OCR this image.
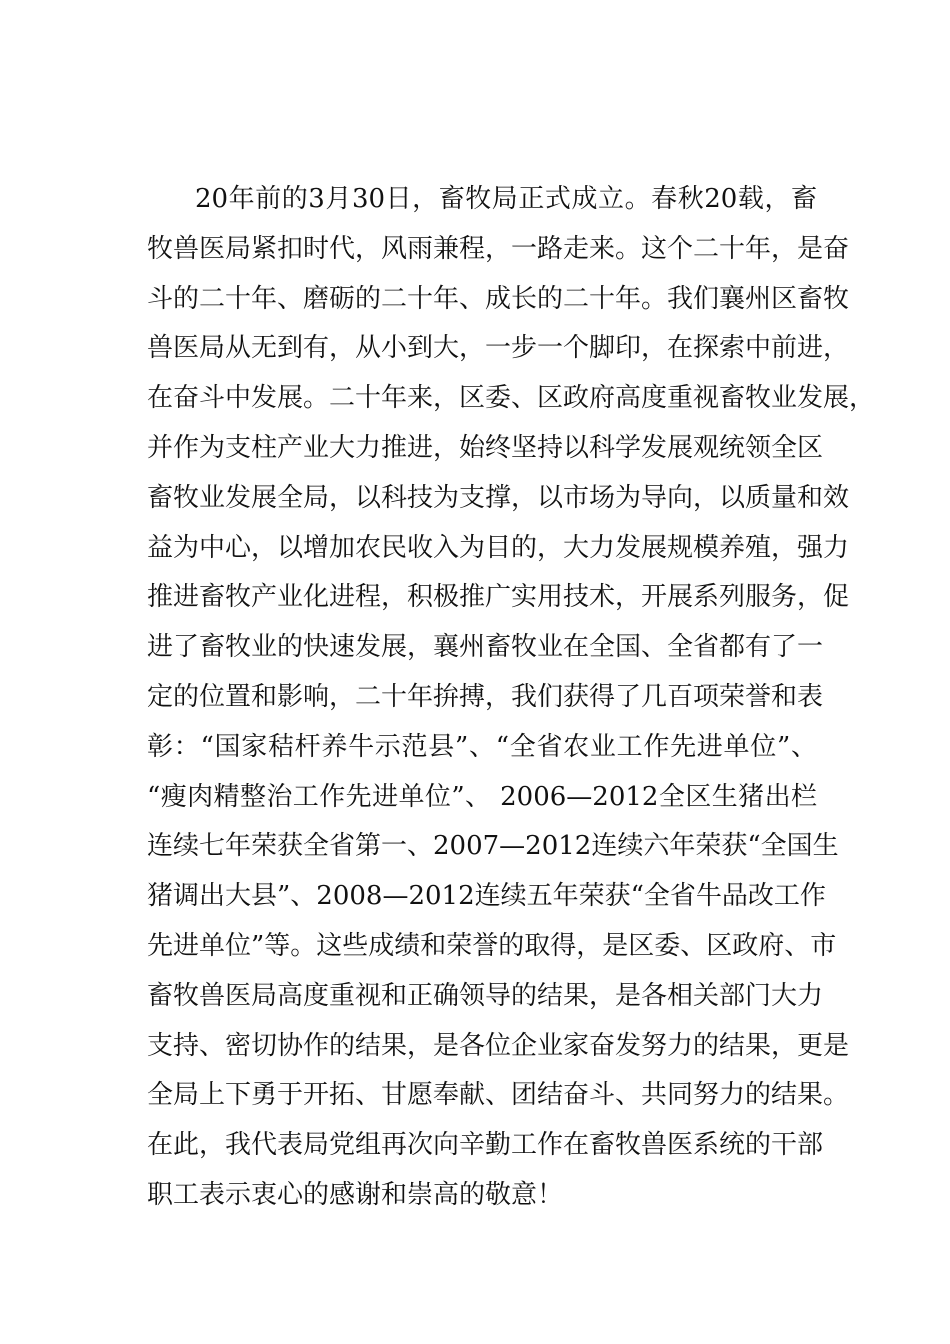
20年前的3月30日，畜牧局正式成立。春秋20载，畜
牧兽医局紧扣时代，风雨兼程，一路走来。这个二十年，是奋
斗的二十年、磨砺的二十年、成长的二十年。我们襄州区畜牧
兽医局从无到有，从小到大，一步一个脚印，在探索中前进，
在奋斗中发展。二十年来，区委、区政府高度重视畜牧业发展，
并作为支柱产业大力推进，始终坚持以科学发展观统领全区
畜牧业发展全局，以科技为支撑，以市场为导向，以质量和效
益为中心，以增加农民收入为目的，大力发展规模养殖，强力
推进畜牧产业化进程，积极推广实用技术，开展系列服务，促
进了畜牧业的快速发展，襄州畜牧业在全国、全省都有了一
定的位置和影响，二十年拚搏，我们获得了几百项荣誉和表
彰：“国家秸杆养牛示范县”、“全省农业工作先进单位”、
“瘦肉精整治工作先进单位”、 2006—2012全区生猪出栏
连续七年荣获全省第一、2007—2012连续六年荣获“全国生
猪调出大县”、2008—2012连续五年荣获“全省牛品改工作
先进单位”等。这些成绩和荣誉的取得，是区委、区政府、市
畜牧兽医局高度重视和正确领导的结果，是各相关部门大力
支持、密切协作的结果，是各位企业家奋发努力的结果，更是
全局上下勇于开拓、甘愿奉献、团结奋斗、共同努力的结果。
在此，我代表局党组再次向辛勤工作在畜牧兽医系统的干部
职工表示衷心的感谢和崇高的敬意！
